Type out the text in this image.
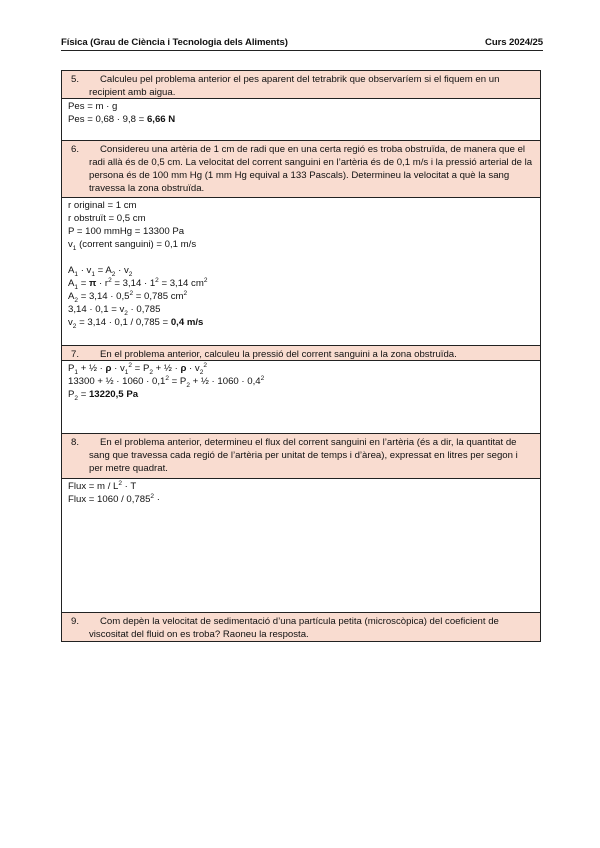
Física (Grau de Ciència i Tecnologia dels Aliments)	Curs 2024/25
5. Calculeu pel problema anterior el pes aparent del tetrabrik que observaríem si el fiquem en un recipient amb aigua.
Pes = m · g
Pes = 0,68 · 9,8 = 6,66 N
6. Considereu una artèria de 1 cm de radi que en una certa regió es troba obstruïda, de manera que el radi allà és de 0,5 cm. La velocitat del corrent sanguini en l’artèria és de 0,1 m/s i la pressió arterial de la persona és de 100 mm Hg (1 mm Hg equival a 133 Pascals). Determineu la velocitat a què la sang travessa la zona obstruïda.
r original = 1 cm
r obstruït = 0,5 cm
P = 100 mmHg = 13300 Pa
$v_1$ (corrent sanguini) = 0,1 m/s
$A_1 \cdot v_1 = A_2 \cdot v_2$
$A_1 = \pi \cdot r^2 = 3,14 \cdot 1^2 = 3,14$ $cm^2$
$A_2 = 3,14 \cdot 0,5^2 = 0,785$ $cm^2$
$3,14 \cdot 0,1 = v_2 \cdot 0,785$
$v_2 = 3,14 \cdot 0,1 / 0,785 = 0,4$ m/s
7. En el problema anterior, calculeu la pressió del corrent sanguini a la zona obstruïda.
$P_1$ + ½ · $\rho \cdot v_1^2 = P_2$ + ½ · $\rho \cdot v_2^2$
13300 + ½ · $1060 \cdot 0,1^2 = P_2$ + ½ · $1060 \cdot 0,4^2$
$P_2 = 13220,5$ Pa
8. En el problema anterior, determineu el flux del corrent sanguini en l’artèria (és a dir, la quantitat de sang que travessa cada regió de l’artèria per unitat de temps i d’àrea), expressat en litres per segon i per metre quadrat.
Flux = $m / L^2 \cdot T$
Flux = $1060 / 0,785^2$ ·
9. Com depèn la velocitat de sedimentació d’una partícula petita (microscòpica) del coeficient de viscositat del fluid on es troba? Raoneu la resposta.
